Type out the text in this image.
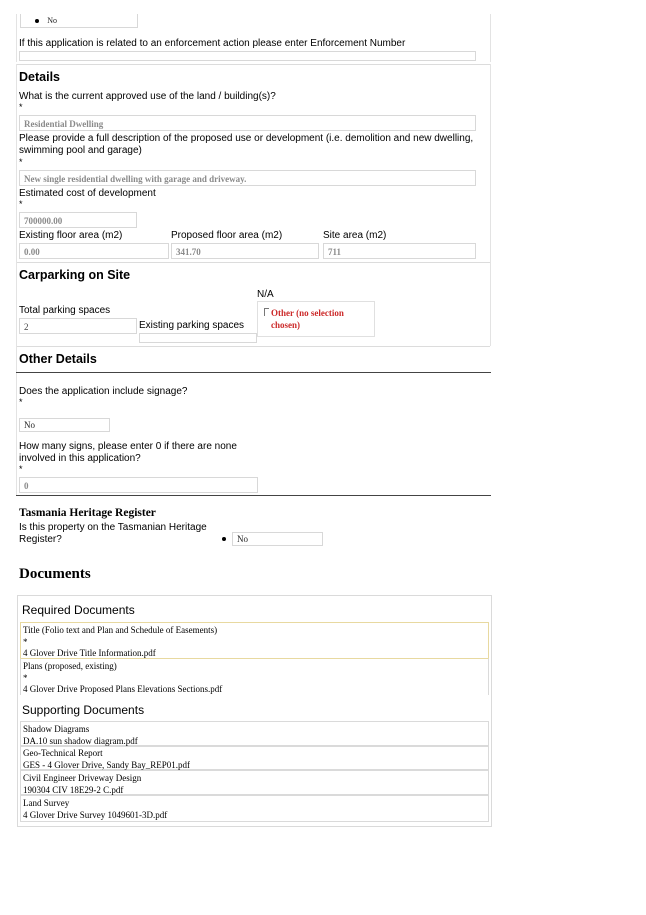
No
If this application is related to an enforcement action please enter Enforcement Number
Details
What is the current approved use of the land / building(s)?
*
Residential Dwelling
Please provide a full description of the proposed use or development (i.e. demolition and new dwelling, swimming pool and garage)
*
New single residential dwelling with garage and driveway.
Estimated cost of development
*
700000.00
Existing floor area (m2)
0.00
Proposed floor area (m2)
341.70
Site area (m2)
711
Carparking on Site
N/A
Total parking spaces
2	Existing parking spaces
Other (no selection chosen)
Other Details
Does the application include signage?
*
No
How many signs, please enter 0 if there are none involved in this application?
*
0
Tasmania Heritage Register
Is this property on the Tasmanian Heritage Register?	No
Documents
Required Documents
Title (Folio text and Plan and Schedule of Easements)
*
4 Glover Drive Title Information.pdf
Plans (proposed, existing)
*
4 Glover Drive Proposed Plans Elevations Sections.pdf
Supporting Documents
Shadow Diagrams
DA.10 sun shadow diagram.pdf
Geo-Technical Report
GES - 4 Glover Drive, Sandy Bay_REP01.pdf
Civil Engineer Driveway Design
190304 CIV 18E29-2 C.pdf
Land Survey
4 Glover Drive Survey 1049601-3D.pdf
